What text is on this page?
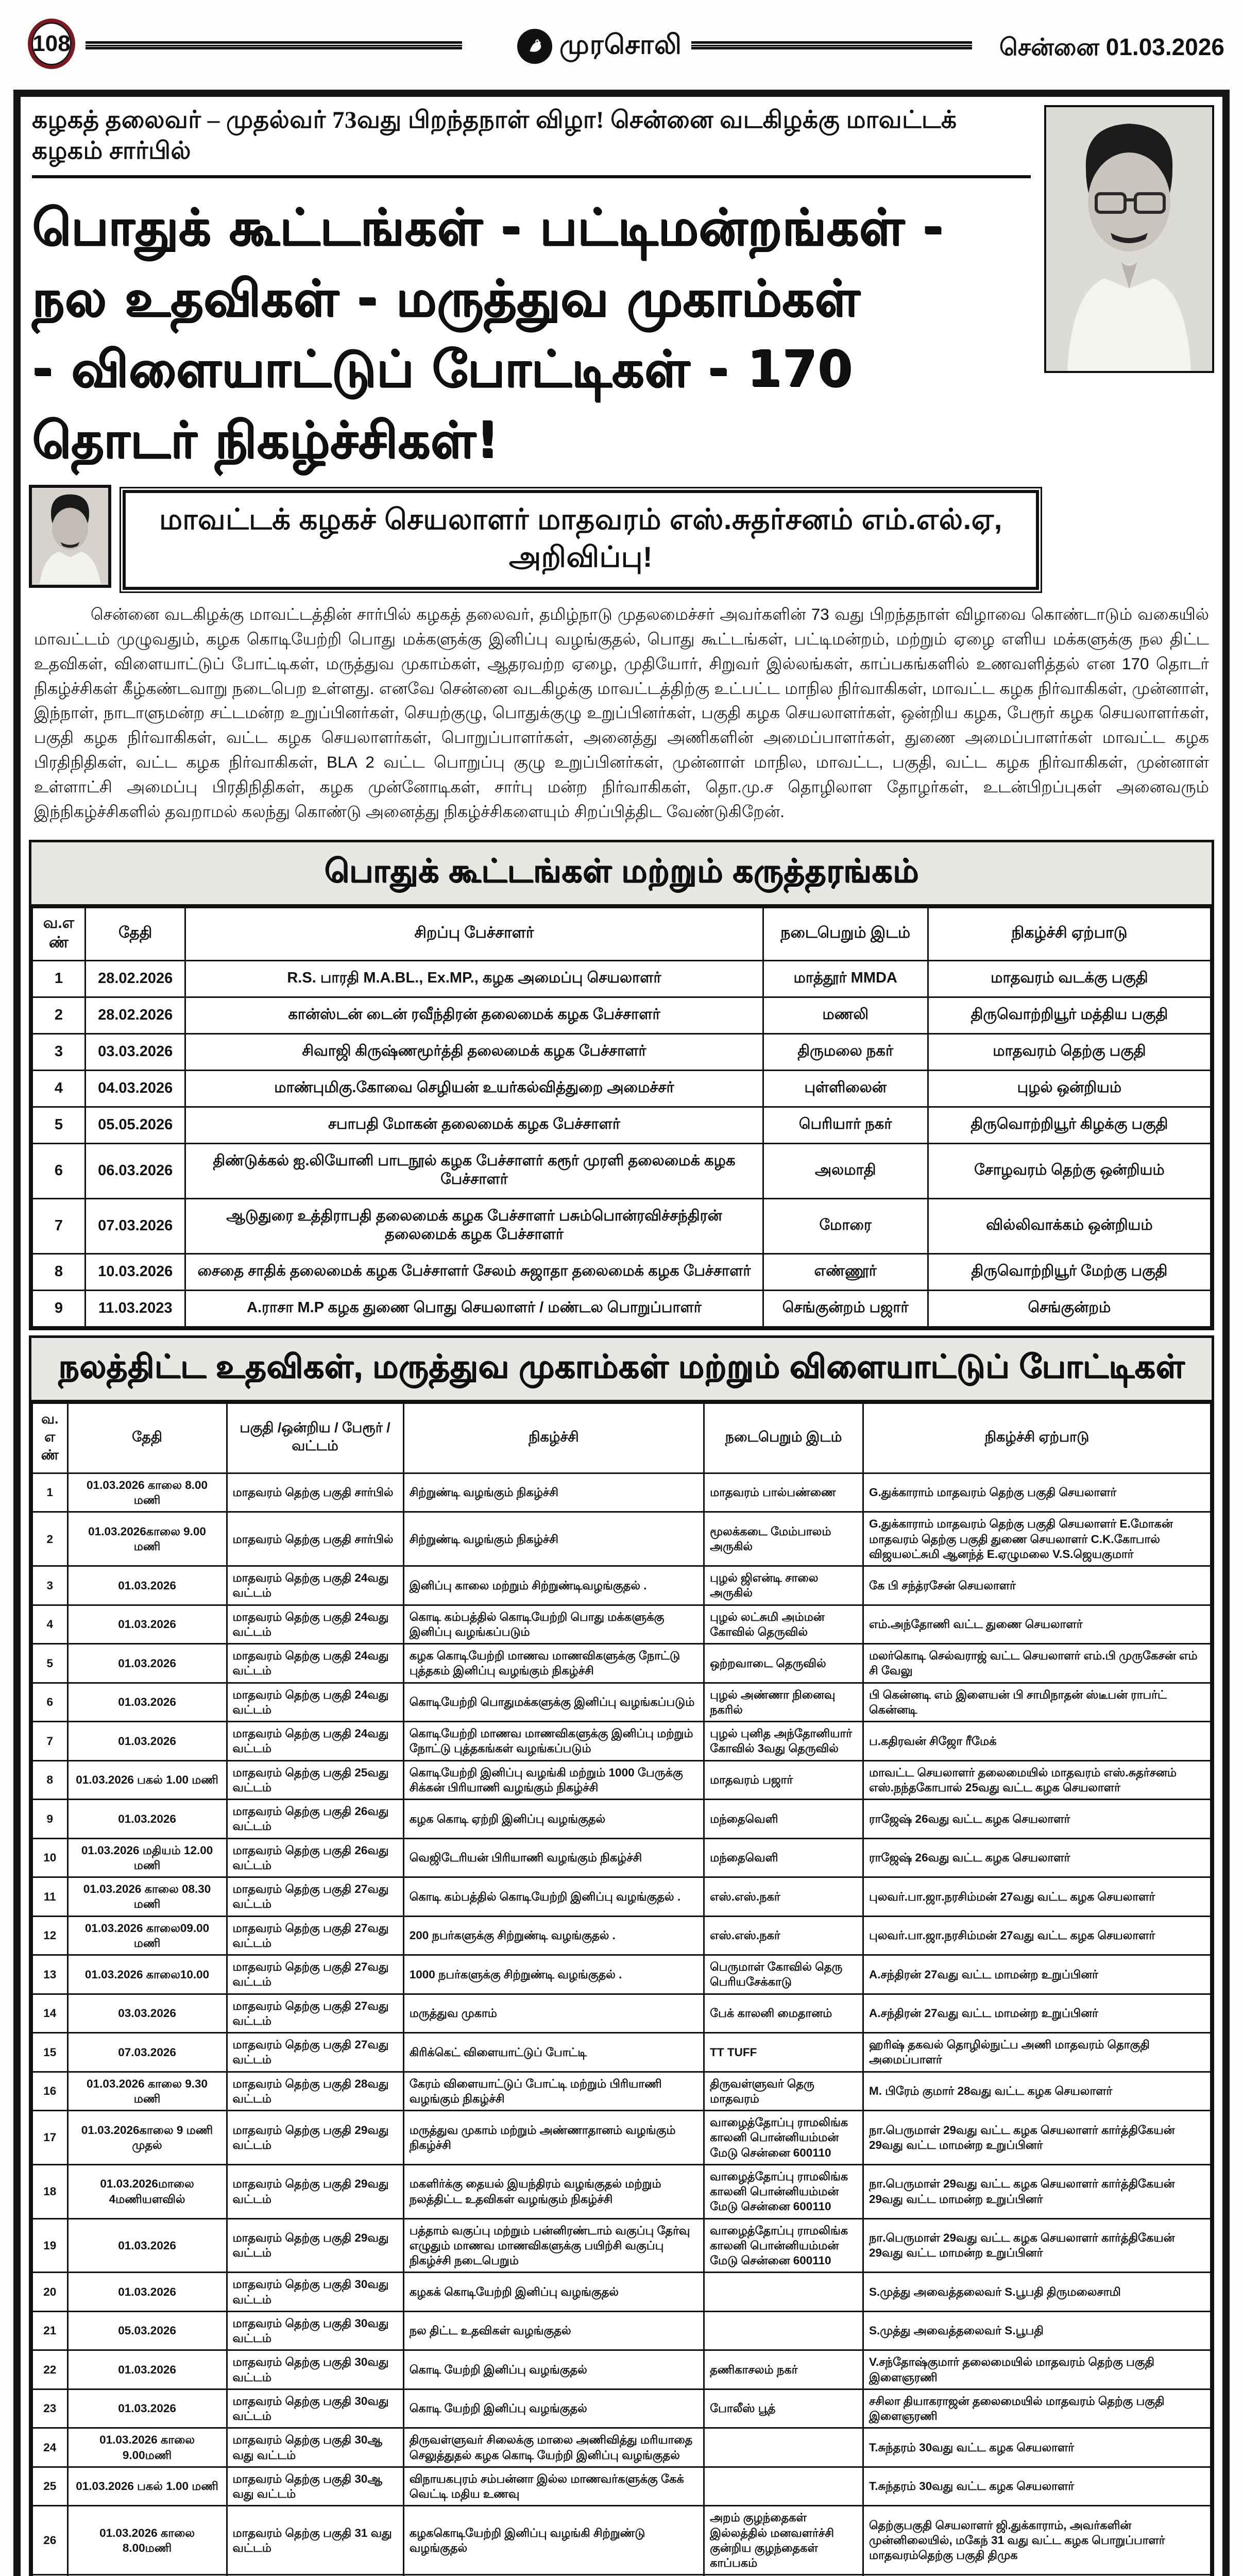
108	முரசொலி	சென்னை 01.03.2026
கழகத் தலைவர் – முதல்வர் 73வது பிறந்தநாள் விழா! சென்னை வடகிழக்கு மாவட்டக் கழகம் சார்பில்
பொதுக் கூட்டங்கள் - பட்டிமன்றங்கள் - நல உதவிகள் - மருத்துவ முகாம்கள்
- விளையாட்டுப் போட்டிகள் - 170 தொடர் நிகழ்ச்சிகள்!
மாவட்டக் கழகச் செயலாளர் மாதவரம் எஸ்.சுதர்சனம் எம்.எல்.ஏ, அறிவிப்பு!

சென்னை வடகிழக்கு மாவட்டத்தின் சார்பில் கழகத் தலைவர், தமிழ்நாடு முதலமைச்சர் அவர்களின் 73 வது பிறந்தநாள் விழாவை கொண்டாடும் வகையில் மாவட்டம் முழுவதும், கழக கொடியேற்றி பொது மக்களுக்கு இனிப்பு வழங்குதல், பொது கூட்டங்கள், பட்டிமன்றம், மற்றும் ஏழை எளிய மக்களுக்கு நல திட்ட உதவிகள், விளையாட்டுப் போட்டிகள், மருத்துவ முகாம்கள், ஆதரவற்ற ஏழை, முதியோர், சிறுவர் இல்லங்கள், காப்பகங்களில் உணவளித்தல் என 170 தொடர் நிகழ்ச்சிகள் கீழ்கண்டவாறு நடைபெற உள்ளது. எனவே சென்னை வடகிழக்கு மாவட்டத்திற்கு உட்பட்ட மாநில நிர்வாகிகள், மாவட்ட கழக நிர்வாகிகள், முன்னாள், இந்நாள், நாடாளுமன்ற சட்டமன்ற உறுப்பினர்கள், செயற்குழு, பொதுக்குழு உறுப்பினர்கள், பகுதி கழக செயலாளர்கள், ஒன்றிய கழக, பேரூர் கழக செயலாளர்கள், பகுதி கழக நிர்வாகிகள், வட்ட கழக செயலாளர்கள், பொறுப்பாளர்கள், அனைத்து அணிகளின் அமைப்பாளர்கள், துணை அமைப்பாளர்கள் மாவட்ட கழக பிரதிநிதிகள், வட்ட கழக நிர்வாகிகள், BLA 2 வட்ட பொறுப்பு குழு உறுப்பினர்கள், முன்னாள் மாநில, மாவட்ட, பகுதி, வட்ட கழக நிர்வாகிகள், முன்னாள் உள்ளாட்சி அமைப்பு பிரதிநிதிகள், கழக முன்னோடிகள், சார்பு மன்ற நிர்வாகிகள், தொ.மு.ச தொழிலாள தோழர்கள், உடன்பிறப்புகள் அனைவரும் இந்நிகழ்ச்சிகளில் தவறாமல் கலந்து கொண்டு அனைத்து நிகழ்ச்சிகளையும் சிறப்பித்திட வேண்டுகிறேன்.

பொதுக் கூட்டங்கள் மற்றும் கருத்தரங்கம்
வ.எண்	தேதி	சிறப்பு பேச்சாளர்	நடைபெறும் இடம்	நிகழ்ச்சி ஏற்பாடு
1	28.02.2026	R.S. பாரதி M.A.BL., Ex.MP., கழக அமைப்பு செயலாளர்	மாத்தூர் MMDA	மாதவரம் வடக்கு பகுதி
2	28.02.2026	கான்ஸ்டன் டைன் ரவீந்திரன் தலைமைக் கழக பேச்சாளர்	மணலி	திருவொற்றியூர் மத்திய பகுதி
3	03.03.2026	சிவாஜி கிருஷ்ணமூர்த்தி தலைமைக் கழக பேச்சாளர்	திருமலை நகர்	மாதவரம் தெற்கு பகுதி
4	04.03.2026	மாண்புமிகு.கோவை செழியன் உயர்கல்வித்துறை அமைச்சர்	புள்ளிலைன்	புழல் ஒன்றியம்
5	05.05.2026	சபாபதி மோகன் தலைமைக் கழக பேச்சாளர்	பெரியார் நகர்	திருவொற்றியூர் கிழக்கு பகுதி
6	06.03.2026	திண்டுக்கல் ஐ.லியோனி பாடநூல் கழக பேச்சாளர் கரூர் முரளி தலைமைக் கழக பேச்சாளர்	அலமாதி	சோழவரம் தெற்கு ஒன்றியம்
7	07.03.2026	ஆடுதுரை உத்திராபதி தலைமைக் கழக பேச்சாளர் பசும்பொன்ரவிச்சந்திரன் தலைமைக் கழக பேச்சாளர்	மோரை	வில்லிவாக்கம் ஒன்றியம்
8	10.03.2026	சைதை சாதிக் தலைமைக் கழக பேச்சாளர் சேலம் சுஜாதா தலைமைக் கழக பேச்சாளர்	எண்ணூர்	திருவொற்றியூர் மேற்கு பகுதி
9	11.03.2023	A.ராசா M.P கழக துணை பொது செயலாளர் / மண்டல பொறுப்பாளர்	செங்குன்றம் பஜார்	செங்குன்றம்
நலத்திட்ட உதவிகள், மருத்துவ முகாம்கள் மற்றும் விளையாட்டுப் போட்டிகள்
வ.எண்	தேதி	பகுதி /ஒன்றிய / பேரூர் / வட்டம்	நிகழ்ச்சி	நடைபெறும் இடம்	நிகழ்ச்சி ஏற்பாடு
1	01.03.2026 காலை 8.00 மணி	மாதவரம் தெற்கு பகுதி சார்பில்	சிற்றுண்டி வழங்கும் நிகழ்ச்சி	மாதவரம் பால்பண்ணை	G.துக்காராம் மாதவரம் தெற்கு பகுதி செயலாளர்
2	01.03.2026காலை 9.00 மணி	மாதவரம் தெற்கு பகுதி சார்பில்	சிற்றுண்டி வழங்கும் நிகழ்ச்சி	மூலக்கடை மேம்பாலம் அருகில்	G.துக்காராம் மாதவரம் தெற்கு பகுதி செயலாளர் E.மோகன் மாதவரம் தெற்கு பகுதி துணை செயலாளர் C.K.கோபால் விஜயலட்சுமி ஆனந்த் E.ஏழுமலை V.S.ஜெயகுமார்
3	01.03.2026	மாதவரம் தெற்கு பகுதி 24வது வட்டம்	இனிப்பு காலை மற்றும் சிற்றுண்டிவழங்குதல் .	புழல் ஜிஎன்டி சாலை அருகில்	கே பி சந்த்ரசேன் செயலாளர்
4	01.03.2026	மாதவரம் தெற்கு பகுதி 24வது வட்டம்	கொடி கம்பத்தில் கொடியேற்றி பொது மக்களுக்கு இனிப்பு வழங்கப்படும்	புழல் லட்சுமி அம்மன் கோவில் தெருவில்	எம்.அந்தோணி வட்ட துணை செயலாளர்
5	01.03.2026	மாதவரம் தெற்கு பகுதி 24வது வட்டம்	கழக கொடியேற்றி மாணவ மாணவிகளுக்கு நோட்டு புத்தகம் இனிப்பு வழங்கும் நிகழ்ச்சி	ஒற்றவாடை தெருவில்	மலர்கொடி செல்வராஜ் வட்ட செயலாளர் எம்.பி முருகேசன் எம் சி வேலு
6	01.03.2026	மாதவரம் தெற்கு பகுதி 24வது வட்டம்	கொடியேற்றி பொதுமக்களுக்கு இனிப்பு வழங்கப்படும்	புழல் அண்ணா நினைவு நகரில்	பி கென்னடி எம் இளையன் பி சாமிநாதன் ஸ்டீபன் ராபர்ட் கென்னடி
7	01.03.2026	மாதவரம் தெற்கு பகுதி 24வது வட்டம்	கொடியேற்றி மாணவ மாணவிகளுக்கு இனிப்பு மற்றும் நோட்டு புத்தகங்கள் வழங்கப்படும்	புழல் புனித அந்தோனியார் கோவில் 3வது தெருவில்	ப.கதிரவன் சிஜோ ரீமேக்
8	01.03.2026 பகல் 1.00 மணி	மாதவரம் தெற்கு பகுதி 25வது வட்டம்	கொடியேற்றி இனிப்பு வழங்கி மற்றும் 1000 பேருக்கு சிக்கன் பிரியாணி வழங்கும் நிகழ்ச்சி	மாதவரம் பஜார்	மாவட்ட செயலாளர் தலைமையில் மாதவரம் எஸ்.சுதர்சனம் எஸ்.நந்தகோபால் 25வது வட்ட கழக செயலாளர்
9	01.03.2026	மாதவரம் தெற்கு பகுதி 26வது வட்டம்	கழக கொடி ஏற்றி இனிப்பு வழங்குதல்	மந்தைவெளி	ராஜேஷ் 26வது வட்ட கழக செயலாளர்
10	01.03.2026 மதியம் 12.00 மணி	மாதவரம் தெற்கு பகுதி 26வது வட்டம்	வெஜிடேரியன் பிரியாணி வழங்கும் நிகழ்ச்சி	மந்தைவெளி	ராஜேஷ் 26வது வட்ட கழக செயலாளர்
11	01.03.2026 காலை 08.30 மணி	மாதவரம் தெற்கு பகுதி 27வது வட்டம்	கொடி கம்பத்தில் கொடியேற்றி இனிப்பு வழங்குதல் .	எஸ்.எஸ்.நகர்	புலவர்.பா.ஜா.நரசிம்மன் 27வது வட்ட கழக செயலாளர்
12	01.03.2026 காலை09.00 மணி	மாதவரம் தெற்கு பகுதி 27வது வட்டம்	200 நபர்களுக்கு சிற்றுண்டி வழங்குதல் .	எஸ்.எஸ்.நகர்	புலவர்.பா.ஜா.நரசிம்மன் 27வது வட்ட கழக செயலாளர்
13	01.03.2026 காலை10.00	மாதவரம் தெற்கு பகுதி 27வது வட்டம்	1000 நபர்களுக்கு சிற்றுண்டி வழங்குதல் .	பெருமாள் கோவில் தெரு பெரியசேக்காடு	A.சந்திரன் 27வது வட்ட மாமன்ற உறுப்பினர்
14	03.03.2026	மாதவரம் தெற்கு பகுதி 27வது வட்டம்	மருத்துவ முகாம்	பேக் காலனி மைதானம்	A.சந்திரன் 27வது வட்ட மாமன்ற உறுப்பினர்
15	07.03.2026	மாதவரம் தெற்கு பகுதி 27வது வட்டம்	கிரிக்கெட் விளையாட்டுப் போட்டி	TT TUFF	ஹரிஷ் தகவல் தொழில்நுட்ப அணி மாதவரம் தொகுதி அமைப்பாளர்
16	01.03.2026 காலை 9.30 மணி	மாதவரம் தெற்கு பகுதி 28வது வட்டம்	கேரம் விளையாட்டுப் போட்டி மற்றும் பிரியாணி வழங்கும் நிகழ்ச்சி	திருவள்ளுவர் தெரு மாதவரம்	M. பிரேம் குமார் 28வது வட்ட கழக செயலாளர்
17	01.03.2026காலை 9 மணி முதல்	மாதவரம் தெற்கு பகுதி 29வது வட்டம்	மருத்துவ முகாம் மற்றும் அண்ணாதானம் வழங்கும் நிகழ்ச்சி	வாழைத்தோப்பு ராமலிங்க காலனி பொன்னியம்மன் மேடு சென்னை 600110	நா.பெருமாள் 29வது வட்ட கழக செயலாளர் கார்த்திகேயன் 29வது வட்ட மாமன்ற உறுப்பினர்
18	01.03.2026மாலை 4மணியளவில்	மாதவரம் தெற்கு பகுதி 29வது வட்டம்	மகளிர்க்கு தையல் இயந்திரம் வழங்குதல் மற்றும் நலத்திட்ட உதவிகள் வழங்கும் நிகழ்ச்சி	வாழைத்தோப்பு ராமலிங்க காலனி பொன்னியம்மன் மேடு சென்னை 600110	நா.பெருமாள் 29வது வட்ட கழக செயலாளர் கார்த்திகேயன் 29வது வட்ட மாமன்ற உறுப்பினர்
19	01.03.2026	மாதவரம் தெற்கு பகுதி 29வது வட்டம்	பத்தாம் வகுப்பு மற்றும் பன்னிரண்டாம் வகுப்பு தேர்வு எழுதும் மாணவ மாணவிகளுக்கு பயிற்சி வகுப்பு நிகழ்ச்சி நடைபெறும்	வாழைத்தோப்பு ராமலிங்க காலனி பொன்னியம்மன் மேடு சென்னை 600110	நா.பெருமாள் 29வது வட்ட கழக செயலாளர் கார்த்திகேயன் 29வது வட்ட மாமன்ற உறுப்பினர்
20	01.03.2026	மாதவரம் தெற்கு பகுதி 30வது வட்டம்	கழகக் கொடியேற்றி இனிப்பு வழங்குதல்		S.முத்து அவைத்தலைவர் S.பூபதி திருமலைசாமி
21	05.03.2026	மாதவரம் தெற்கு பகுதி 30வது வட்டம்	நல திட்ட உதவிகள் வழங்குதல்		S.முத்து அவைத்தலைவர் S.பூபதி
22	01.03.2026	மாதவரம் தெற்கு பகுதி 30வது வட்டம்	கொடி யேற்றி இனிப்பு வழங்குதல்	தணிகாசலம் நகர்	V.சந்தோஷ்குமார் தலைமையில் மாதவரம் தெற்கு பகுதி இளைஞரணி
23	01.03.2026	மாதவரம் தெற்கு பகுதி 30வது வட்டம்	கொடி யேற்றி இனிப்பு வழங்குதல்	போலீஸ் பூத்	சசிலா தியாகராஜன் தலைமையில் மாதவரம் தெற்கு பகுதி இளைஞரணி
24	01.03.2026 காலை 9.00மணி	மாதவரம் தெற்கு பகுதி 30ஆ வது வட்டம்	திருவள்ளுவர் சிலைக்கு மாலை அணிவித்து மரியாதை செலுத்துதல் கழக கொடி யேற்றி இனிப்பு வழங்குதல்		T.சுந்தரம் 30வது வட்ட கழக செயலாளர்
25	01.03.2026 பகல் 1.00 மணி	மாதவரம் தெற்கு பகுதி 30ஆ வது வட்டம்	விநாயகபுரம் சம்பன்னா இல்ல மாணவர்களுக்கு கேக் வெட்டி மதிய உணவு		T.சுந்தரம் 30வது வட்ட கழக செயலாளர்
26	01.03.2026 காலை 8.00மணி	மாதவரம் தெற்கு பகுதி 31 வது வட்டம்	கழககொடியேற்றி இனிப்பு வழங்கி சிற்றுண்டு வழங்குதல்	அறம் குழந்தைகள் இல்லத்தில் மனவளர்ச்சி குன்றிய குழந்தைகள் காப்பகம்	தெற்குபகுதி செயலாளர் ஜி.துக்காராம், அவர்களின் முன்னிலையில், மகேந் 31 வது வட்ட கழக பொறுப்பாளர் மாதவரம்தெற்கு பகுதி திமுக
